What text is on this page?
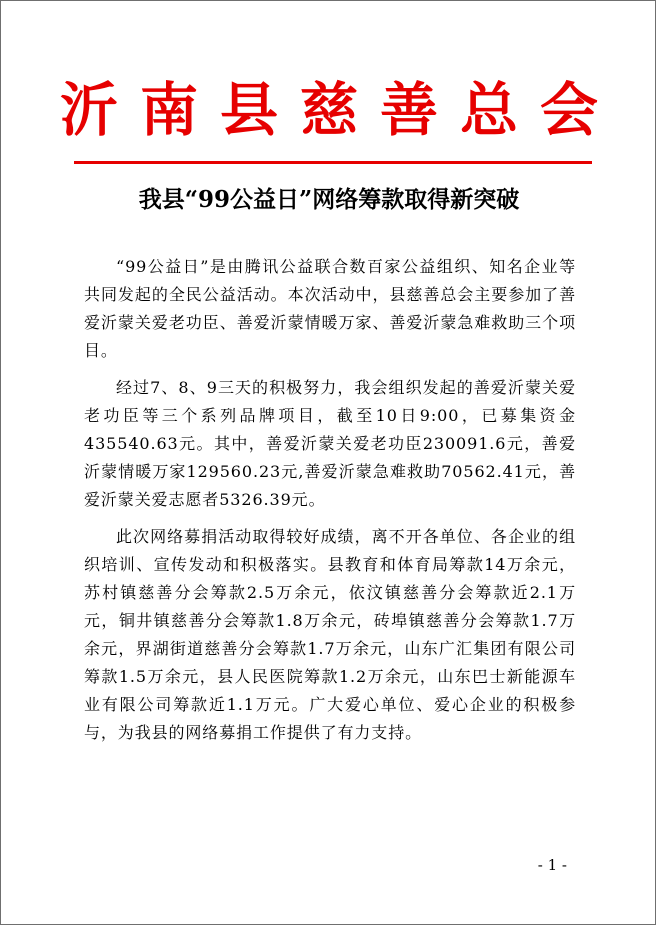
沂南县慈善总会
我县“99公益日”网络筹款取得新突破

“99公益日”是由腾讯公益联合数百家公益组织、知名企业等共同发起的全民公益活动。本次活动中，县慈善总会主要参加了善爱沂蒙关爱老功臣、善爱沂蒙情暖万家、善爱沂蒙急难救助三个项目。

经过7、8、9三天的积极努力，我会组织发起的善爱沂蒙关爱老功臣等三个系列品牌项目，截至10日9:00，已募集资金435540.63元。其中，善爱沂蒙关爱老功臣230091.6元，善爱沂蒙情暖万家129560.23元,善爱沂蒙急难救助70562.41元，善爱沂蒙关爱志愿者5326.39元。

此次网络募捐活动取得较好成绩，离不开各单位、各企业的组织培训、宣传发动和积极落实。县教育和体育局筹款14万余元，苏村镇慈善分会筹款2.5万余元，依汶镇慈善分会筹款近2.1万元，铜井镇慈善分会筹款1.8万余元，砖埠镇慈善分会筹款1.7万余元，界湖街道慈善分会筹款1.7万余元，山东广汇集团有限公司筹款1.5万余元，县人民医院筹款1.2万余元，山东巴士新能源车业有限公司筹款近1.1万元。广大爱心单位、爱心企业的积极参与，为我县的网络募捐工作提供了有力支持。

- 1 -
